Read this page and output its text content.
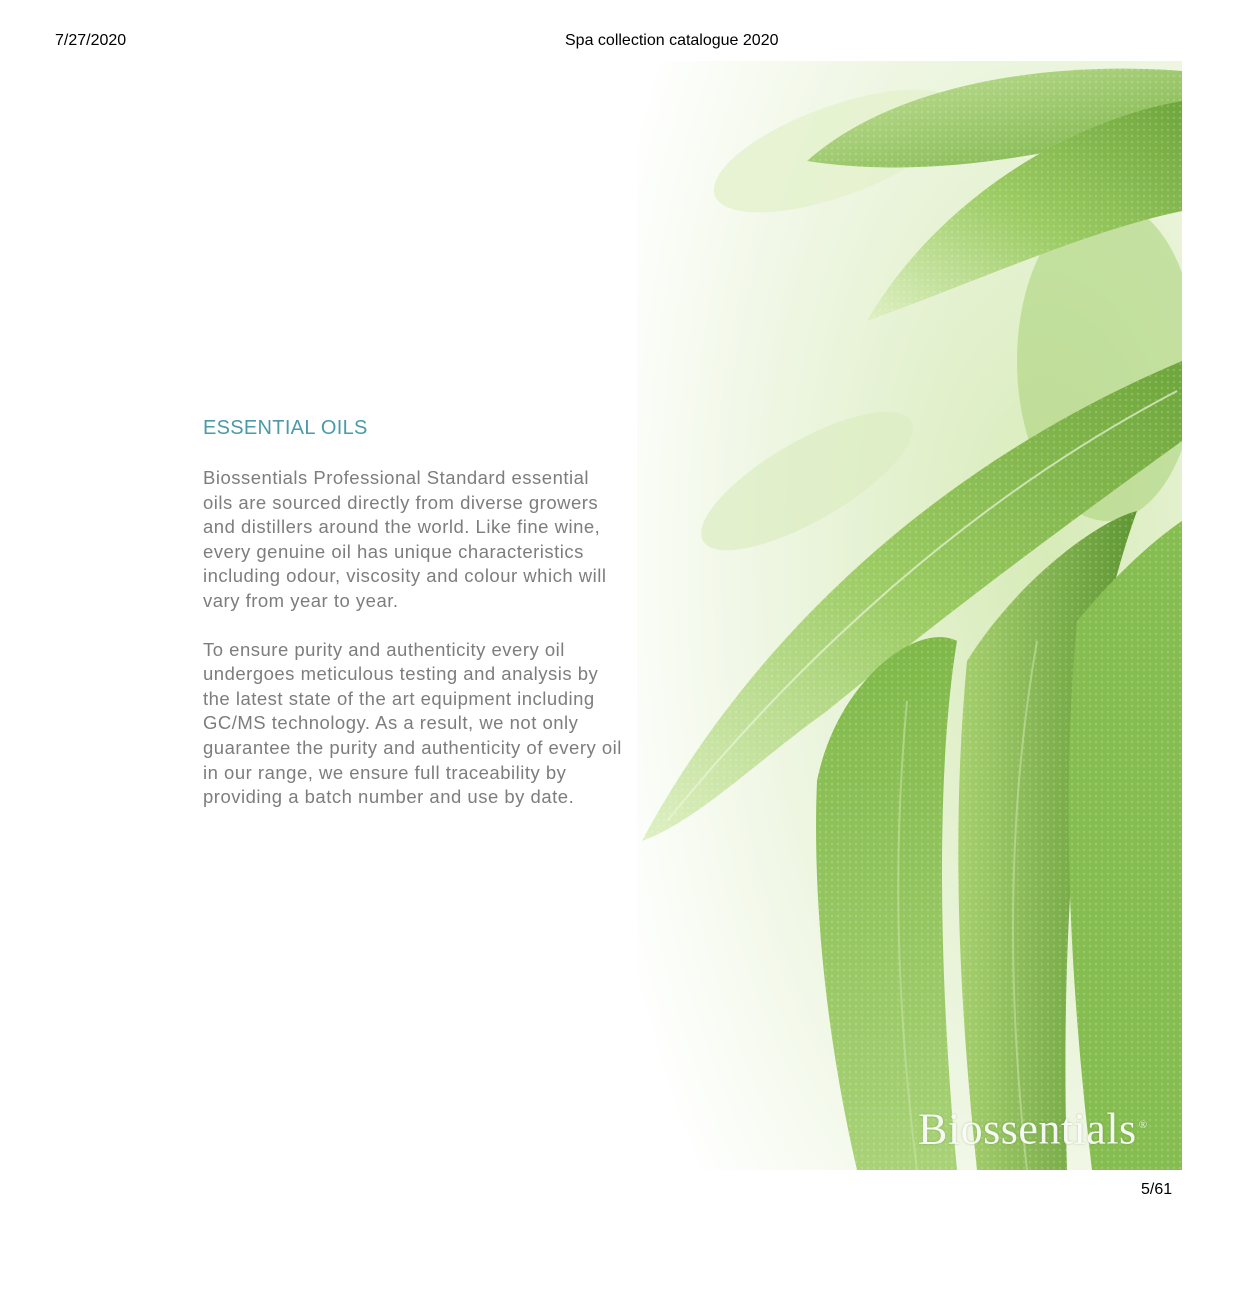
7/27/2020	Spa collection catalogue 2020
ESSENTIAL OILS

Biossentials Professional Standard essential oils are sourced directly from diverse growers and distillers around the world. Like fine wine, every genuine oil has unique characteristics including odour, viscosity and colour which will vary from year to year.

To ensure purity and authenticity every oil undergoes meticulous testing and analysis by the latest state of the art equipment including GC/MS technology. As a result, we not only guarantee the purity and authenticity of every oil in our range, we ensure full traceability by providing a batch number and use by date.

Biossentials ®
5/61
